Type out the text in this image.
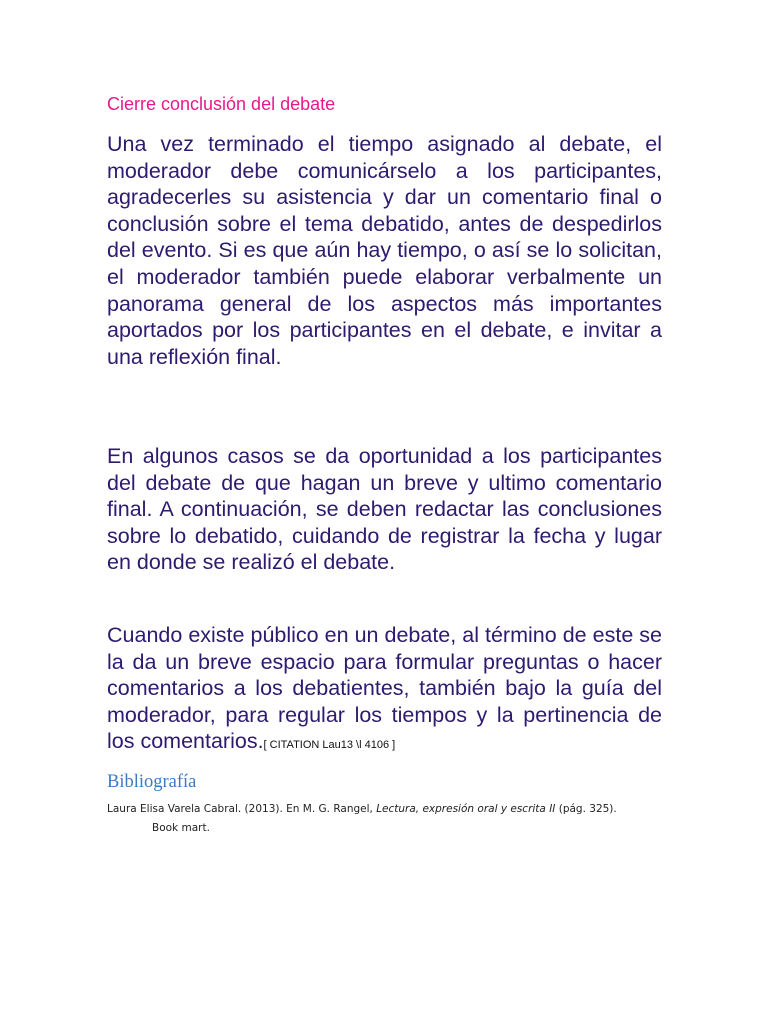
Cierre conclusión del debate

Una vez terminado el tiempo asignado al debate, el moderador debe comunicárselo a los participantes, agradecerles su asistencia y dar un comentario final o conclusión sobre el tema debatido, antes de despedirlos del evento. Si es que aún hay tiempo, o así se lo solicitan, el moderador también puede elaborar verbalmente un panorama general de los aspectos más importantes aportados por los participantes en el debate, e invitar a una reflexión final.

En algunos casos se da oportunidad a los participantes del debate de que hagan un breve y ultimo comentario final. A continuación, se deben redactar las conclusiones sobre lo debatido, cuidando de registrar la fecha y lugar en donde se realizó el debate.

Cuando existe público en un debate, al término de este se la da un breve espacio para formular preguntas o hacer comentarios a los debatientes, también bajo la guía del moderador, para regular los tiempos y la pertinencia de los comentarios.[ CITATION Lau13 \l 4106 ]

Bibliografía
Laura Elisa Varela Cabral. (2013). En M. G. Rangel, Lectura, expresión oral y escrita II (pág. 325).
Book mart.
